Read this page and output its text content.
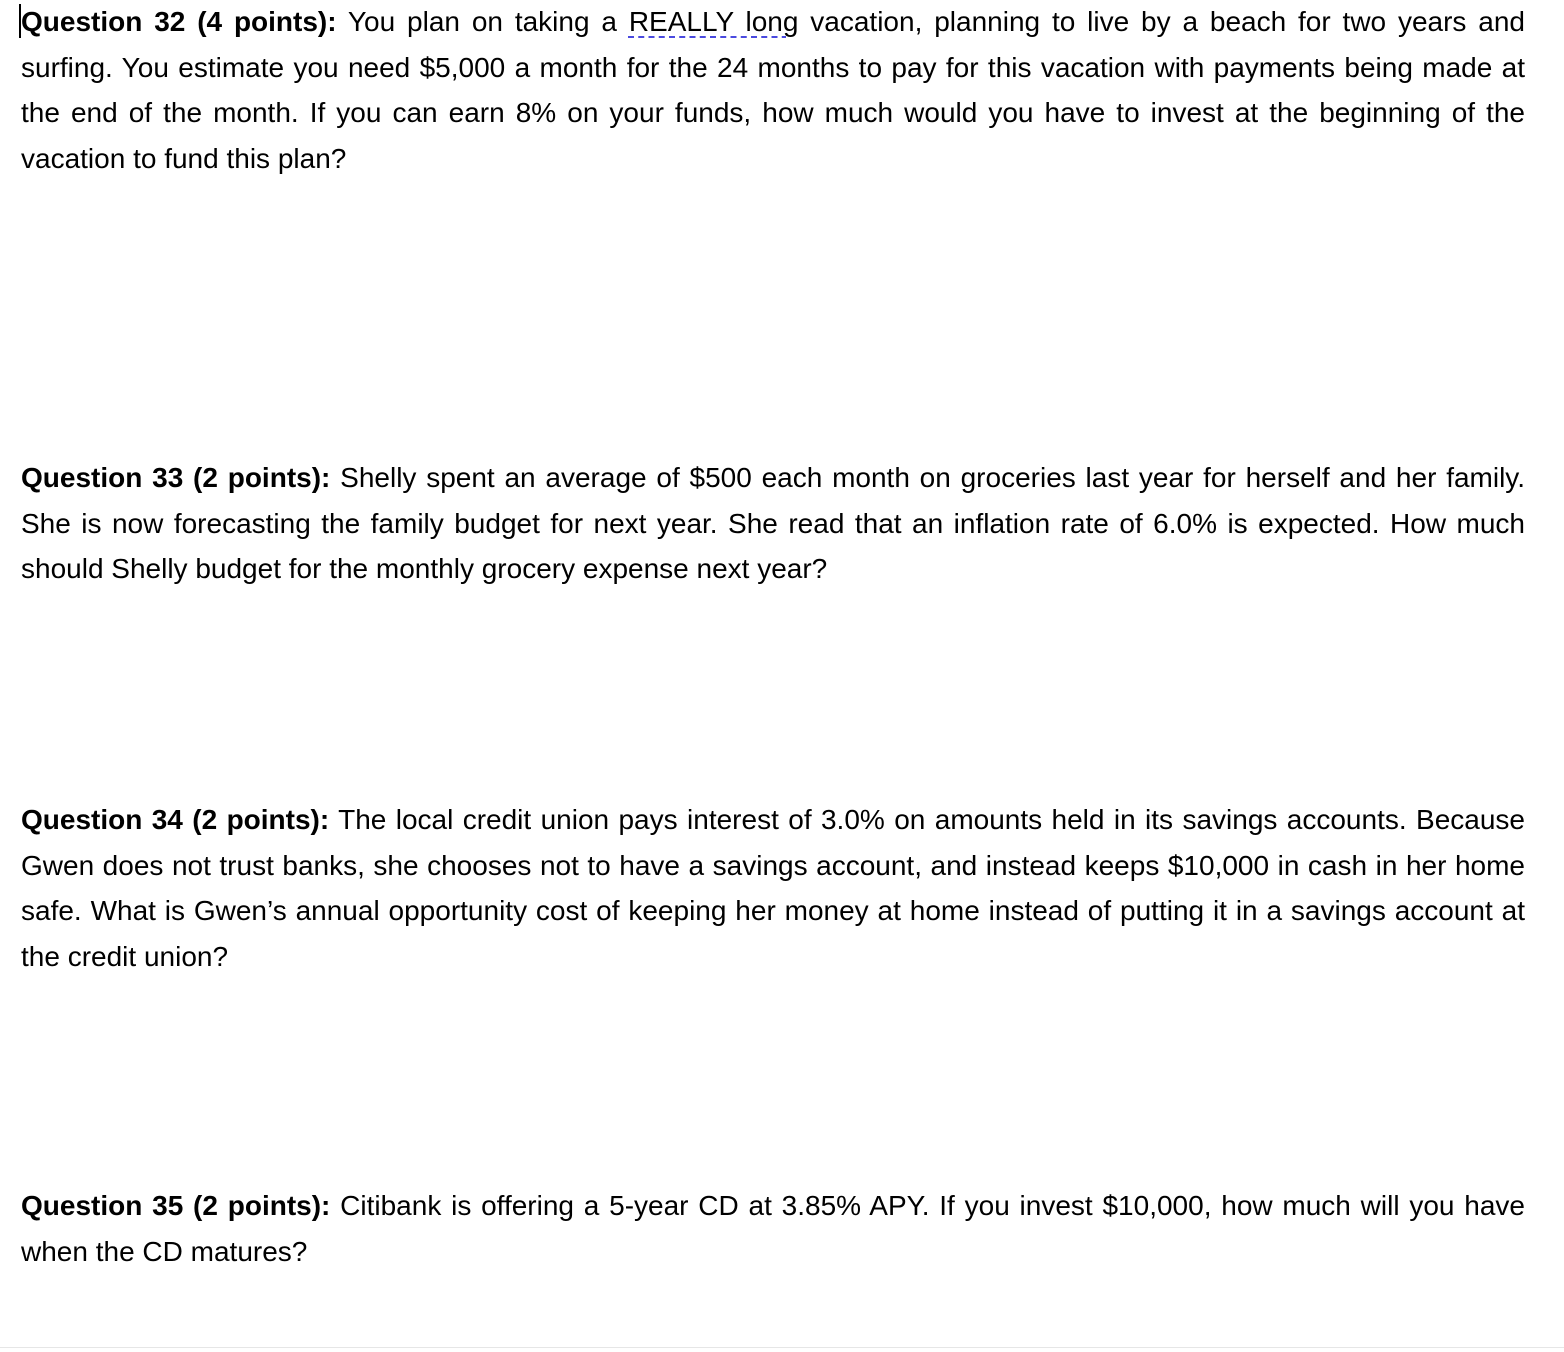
Question 32 (4 points): You plan on taking a REALLY long vacation, planning to live by a beach for two years and surfing. You estimate you need $5,000 a month for the 24 months to pay for this vacation with payments being made at the end of the month. If you can earn 8% on your funds, how much would you have to invest at the beginning of the vacation to fund this plan?

Question 33 (2 points): Shelly spent an average of $500 each month on groceries last year for herself and her family. She is now forecasting the family budget for next year. She read that an inflation rate of 6.0% is expected. How much should Shelly budget for the monthly grocery expense next year?

Question 34 (2 points): The local credit union pays interest of 3.0% on amounts held in its savings accounts. Because Gwen does not trust banks, she chooses not to have a savings account, and instead keeps $10,000 in cash in her home safe. What is Gwen’s annual opportunity cost of keeping her money at home instead of putting it in a savings account at the credit union?

Question 35 (2 points): Citibank is offering a 5-year CD at 3.85% APY. If you invest $10,000, how much will you have when the CD matures?
